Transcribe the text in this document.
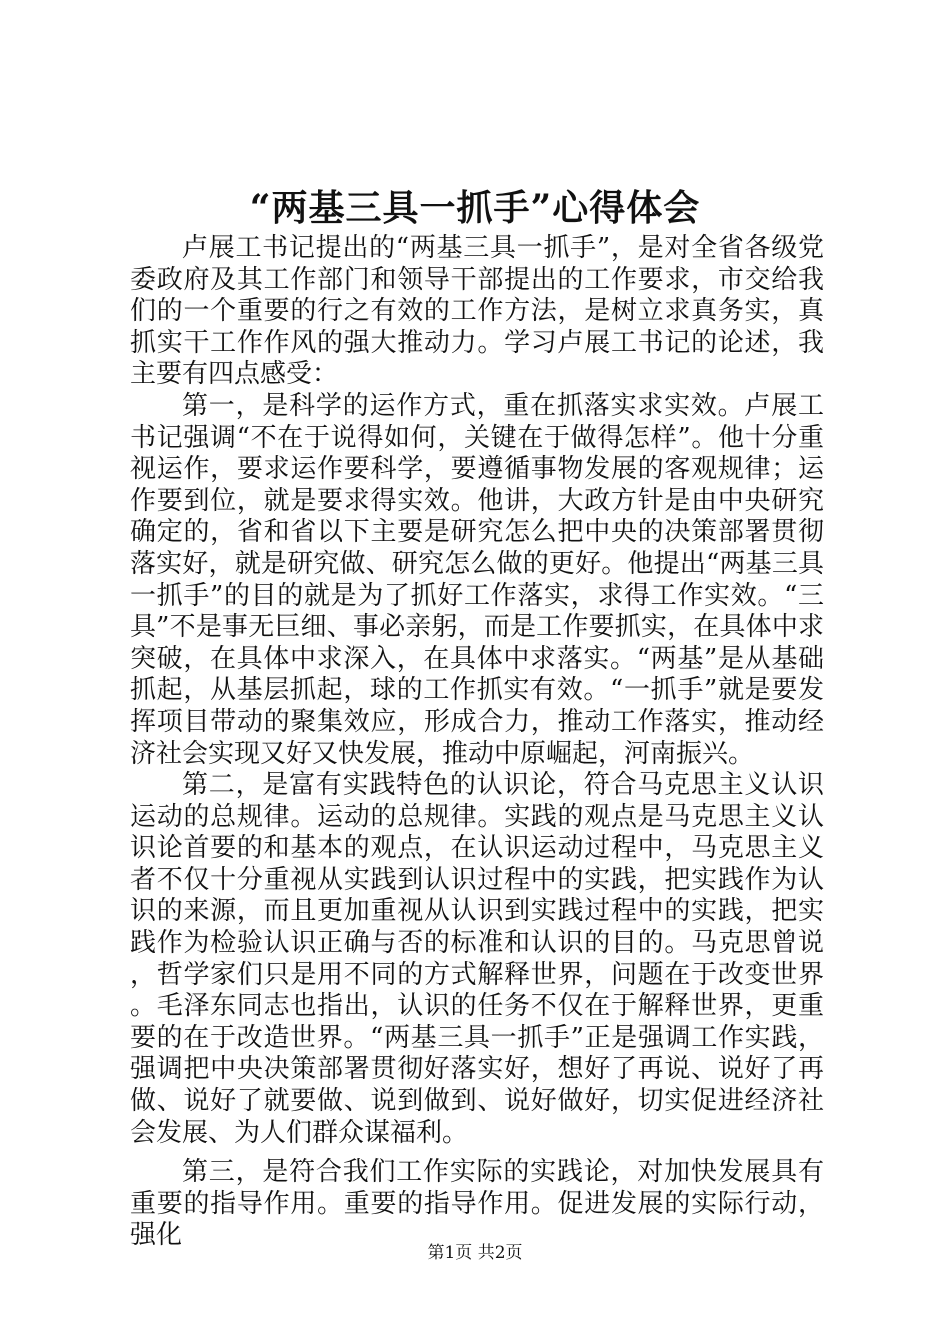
“两基三具一抓手”心得体会

卢展工书记提出的“两基三具一抓手”，是对全省各级党委政府及其工作部门和领导干部提出的工作要求，市交给我们的一个重要的行之有效的工作方法，是树立求真务实，真抓实干工作作风的强大推动力。学习卢展工书记的论述，我主要有四点感受：

第一，是科学的运作方式，重在抓落实求实效。卢展工书记强调“不在于说得如何，关键在于做得怎样”。他十分重视运作，要求运作要科学，要遵循事物发展的客观规律；运作要到位，就是要求得实效。他讲，大政方针是由中央研究确定的，省和省以下主要是研究怎么把中央的决策部署贯彻落实好，就是研究做、研究怎么做的更好。他提出“两基三具一抓手”的目的就是为了抓好工作落实，求得工作实效。“三具”不是事无巨细、事必亲躬，而是工作要抓实，在具体中求突破，在具体中求深入，在具体中求落实。“两基”是从基础抓起，从基层抓起，球的工作抓实有效。“一抓手”就是要发挥项目带动的聚集效应，形成合力，推动工作落实，推动经济社会实现又好又快发展，推动中原崛起，河南振兴。

第二，是富有实践特色的认识论，符合马克思主义认识运动的总规律。运动的总规律。实践的观点是马克思主义认识论首要的和基本的观点，在认识运动过程中，马克思主义者不仅十分重视从实践到认识过程中的实践，把实践作为认识的来源，而且更加重视从认识到实践过程中的实践，把实践作为检验认识正确与否的标准和认识的目的。马克思曾说，哲学家们只是用不同的方式解释世界，问题在于改变世界。毛泽东同志也指出，认识的任务不仅在于解释世界，更重要的在于改造世界。“两基三具一抓手”正是强调工作实践，强调把中央决策部署贯彻好落实好，想好了再说、说好了再做、说好了就要做、说到做到、说好做好，切实促进经济社会发展、为人们群众谋福利。

第三，是符合我们工作实际的实践论，对加快发展具有重要的指导作用。重要的指导作用。促进发展的实际行动，强化

第1页 共2页
